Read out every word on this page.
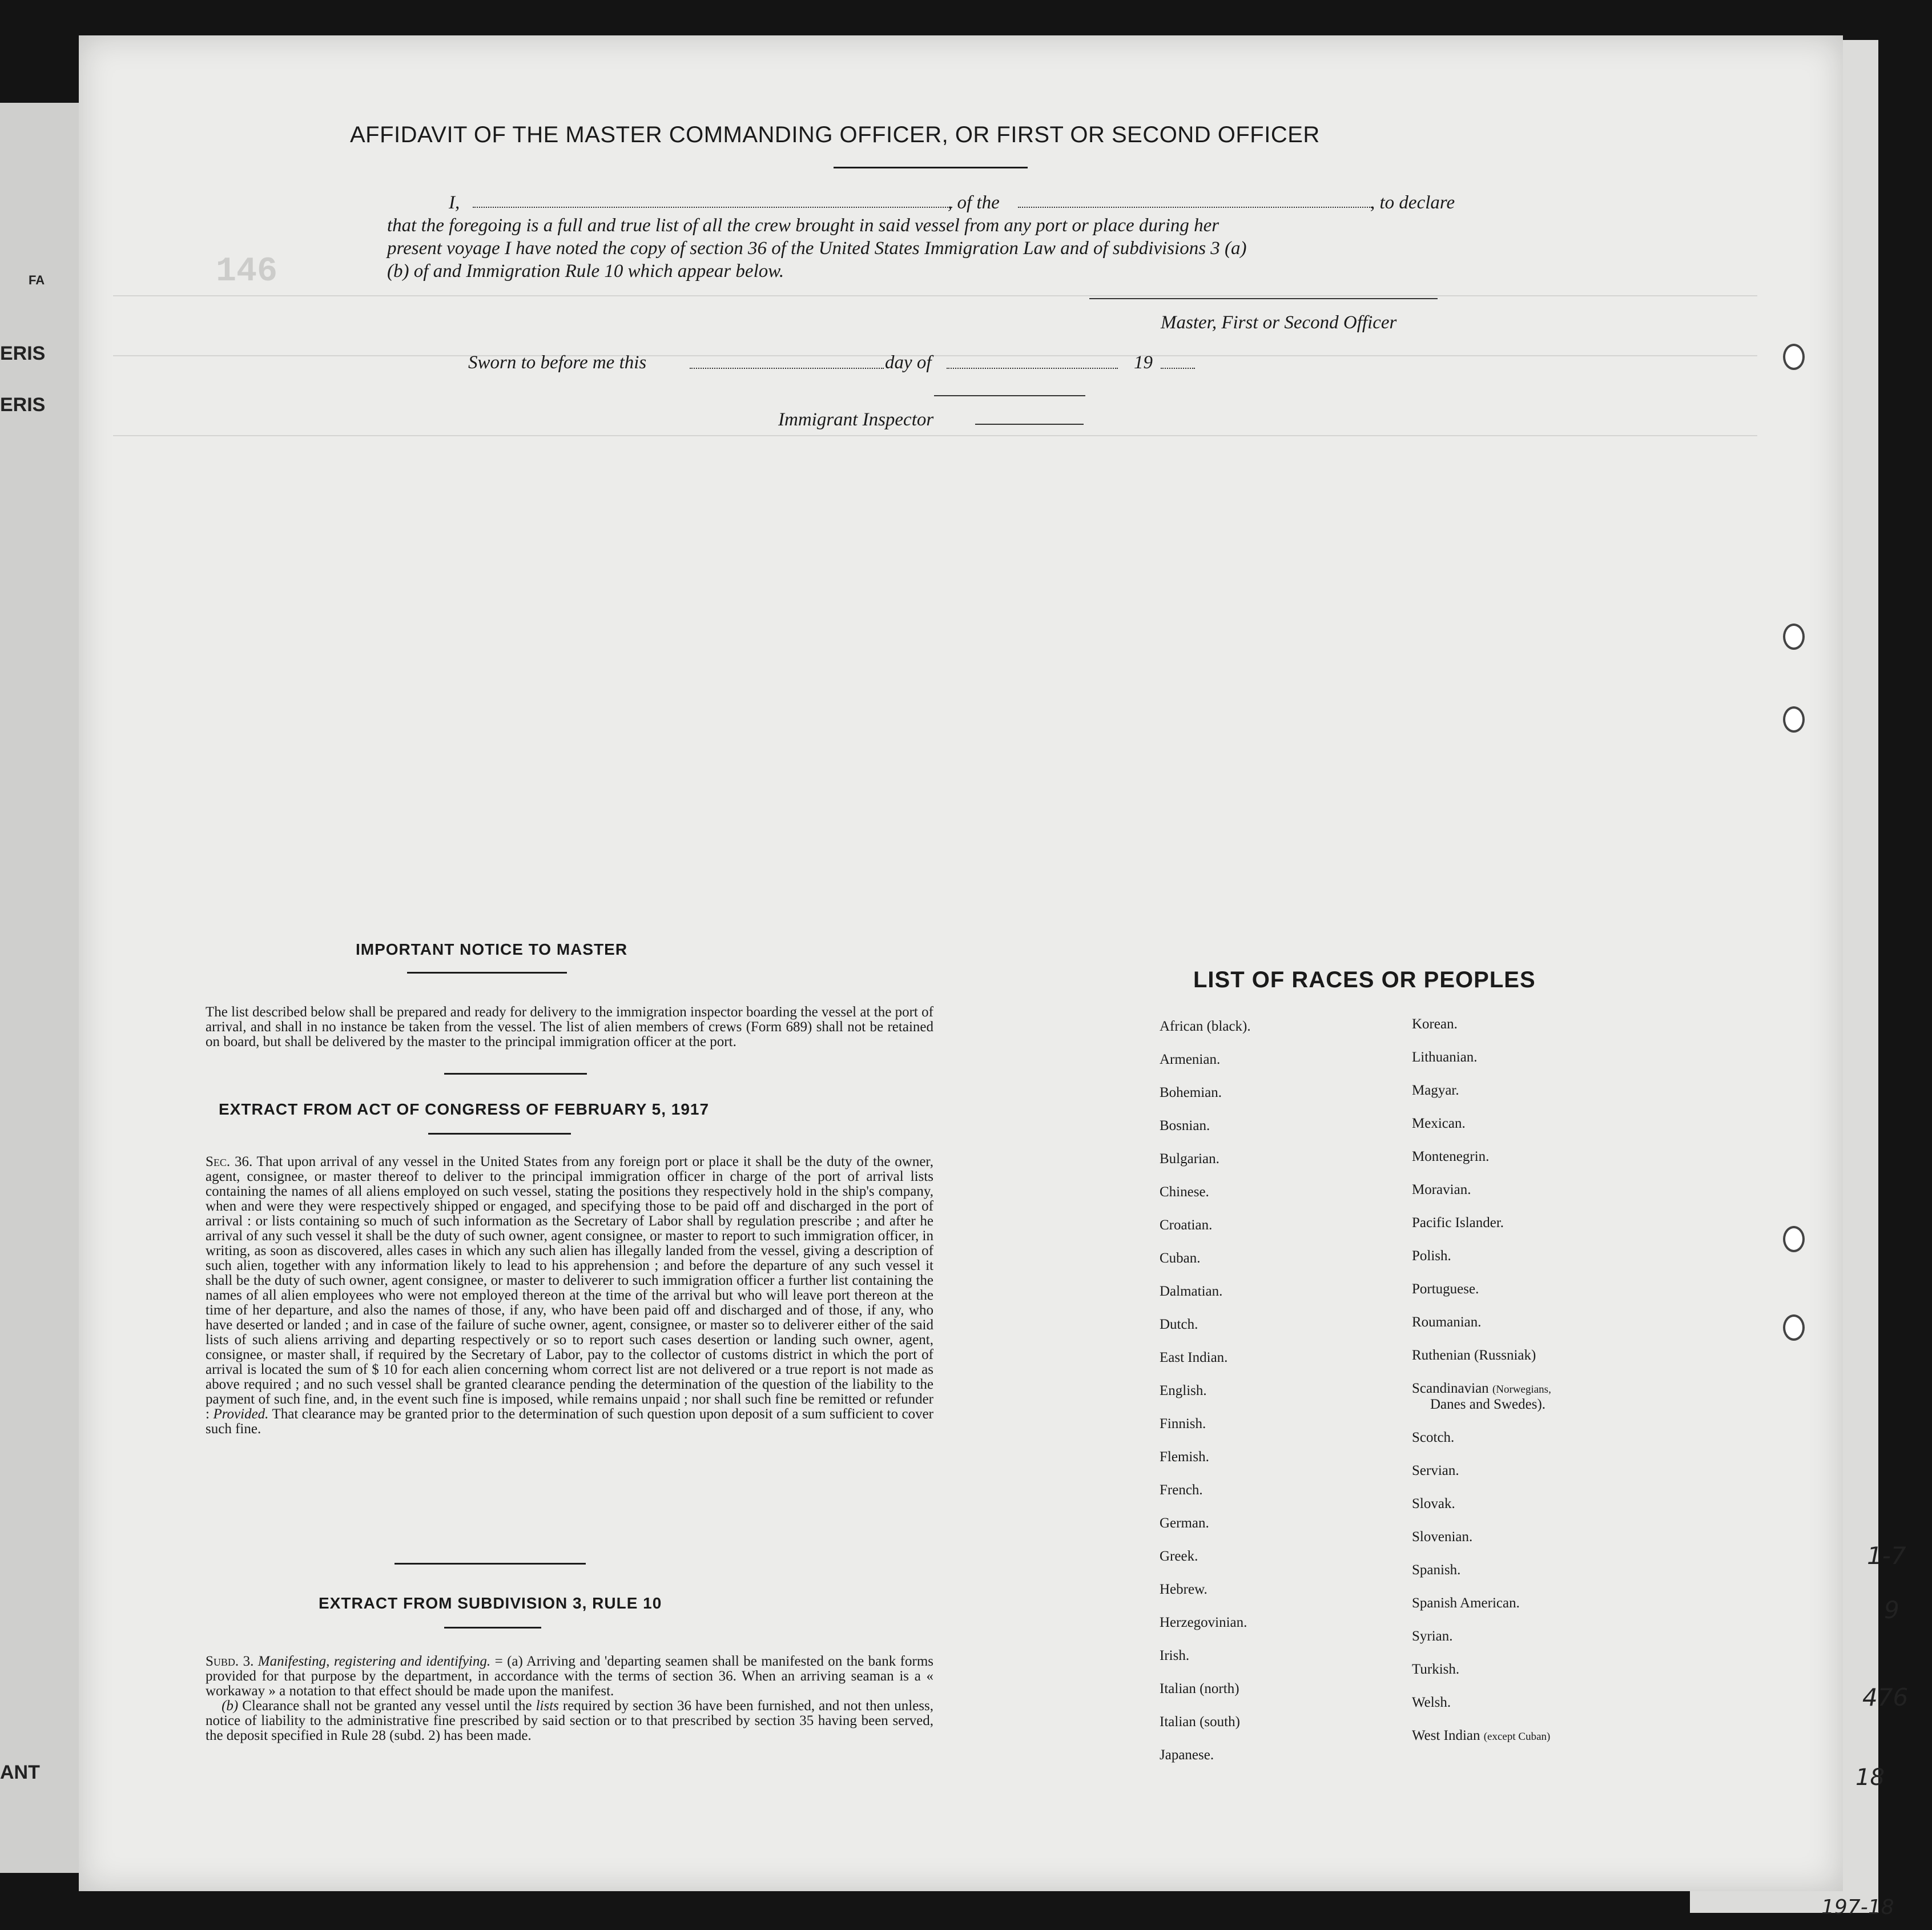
146
AFFIDAVIT OF THE MASTER COMMANDING OFFICER, OR FIRST OR SECOND OFFICER
I,	, of the	, to declare
that the foregoing is a full and true list of all the crew brought in said vessel from any port or place during her
present voyage I have noted the copy of section 36 of the United States Immigration Law and of subdivisions 3 (a)
(b) of and Immigration Rule 10 which appear below.
Master, First or Second Officer
Sworn to before me this	day of	19
Immigrant Inspector
IMPORTANT NOTICE TO MASTER
The list described below shall be prepared and ready for delivery to the immigration inspector boarding the vessel at the port of arrival, and shall in no instance be taken from the vessel. The list of alien members of crews (Form 689) shall not be retained on board, but shall be delivered by the master to the principal immigration officer at the port.
EXTRACT FROM ACT OF CONGRESS OF FEBRUARY 5, 1917
Sec. 36. That upon arrival of any vessel in the United States from any foreign port or place it shall be the duty of the owner, agent, consignee, or master thereof to deliver to the principal immigration officer in charge of the port of arrival lists containing the names of all aliens employed on such vessel, stating the positions they respectively hold in the ship's company, when and were they were respectively shipped or engaged, and specifying those to be paid off and discharged in the port of arrival : or lists containing so much of such information as the Secretary of Labor shall by regulation prescribe ; and after he arrival of any such vessel it shall be the duty of such owner, agent consignee, or master to report to such immigration officer, in writing, as soon as discovered, alles cases in which any such alien has illegally landed from the vessel, giving a description of such alien, together with any information likely to lead to his apprehension ; and before the departure of any such vessel it shall be the duty of such owner, agent consignee, or master to deliverer to such immigration officer a further list containing the names of all alien employees who were not employed thereon at the time of the arrival but who will leave port thereon at the time of her departure, and also the names of those, if any, who have been paid off and discharged and of those, if any, who have deserted or landed ; and in case of the failure of suche owner, agent, consignee, or master so to deliverer either of the said lists of such aliens arriving and departing respectively or so to report such cases desertion or landing such owner, agent, consignee, or master shall, if required by the Secretary of Labor, pay to the collector of customs district in which the port of arrival is located the sum of $ 10 for each alien concerning whom correct list are not delivered or a true report is not made as above required ; and no such vessel shall be granted clearance pending the determination of the question of the liability to the payment of such fine, and, in the event such fine is imposed, while remains unpaid ; nor shall such fine be remitted or refunder : Provided. That clearance may be granted prior to the determination of such question upon deposit of a sum sufficient to cover such fine.
EXTRACT FROM SUBDIVISION 3, RULE 10
Subd. 3. Manifesting, registering and identifying. = (a) Arriving and 'departing seamen shall be manifested on the bank forms provided for that purpose by the department, in accordance with the terms of section 36. When an arriving seaman is a « workaway » a notation to that effect should be made upon the manifest.
(b) Clearance shall not be granted any vessel until the lists required by section 36 have been furnished, and not then unless, notice of liability to the administrative fine prescribed by said section or to that prescribed by section 35 having been served, the deposit specified in Rule 28 (subd. 2) has been made.
LIST OF RACES OR PEOPLES
African (black).
Armenian.
Bohemian.
Bosnian.
Bulgarian.
Chinese.
Croatian.
Cuban.
Dalmatian.
Dutch.
East Indian.
English.
Finnish.
Flemish.
French.
German.
Greek.
Hebrew.
Herzegovinian.
Irish.
Italian (north)
Italian (south)
Japanese.
Korean.
Lithuanian.
Magyar.
Mexican.
Montenegrin.
Moravian.
Pacific Islander.
Polish.
Portuguese.
Roumanian.
Ruthenian (Russniak)
Scandinavian (Norwegians,
Danes and Swedes).
Scotch.
Servian.
Slovak.
Slovenian.
Spanish.
Spanish American.
Syrian.
Turkish.
Welsh.
West Indian (except Cuban)
ERIS
ERIS
ANT
FA
1-7
9
476
18
197-18
